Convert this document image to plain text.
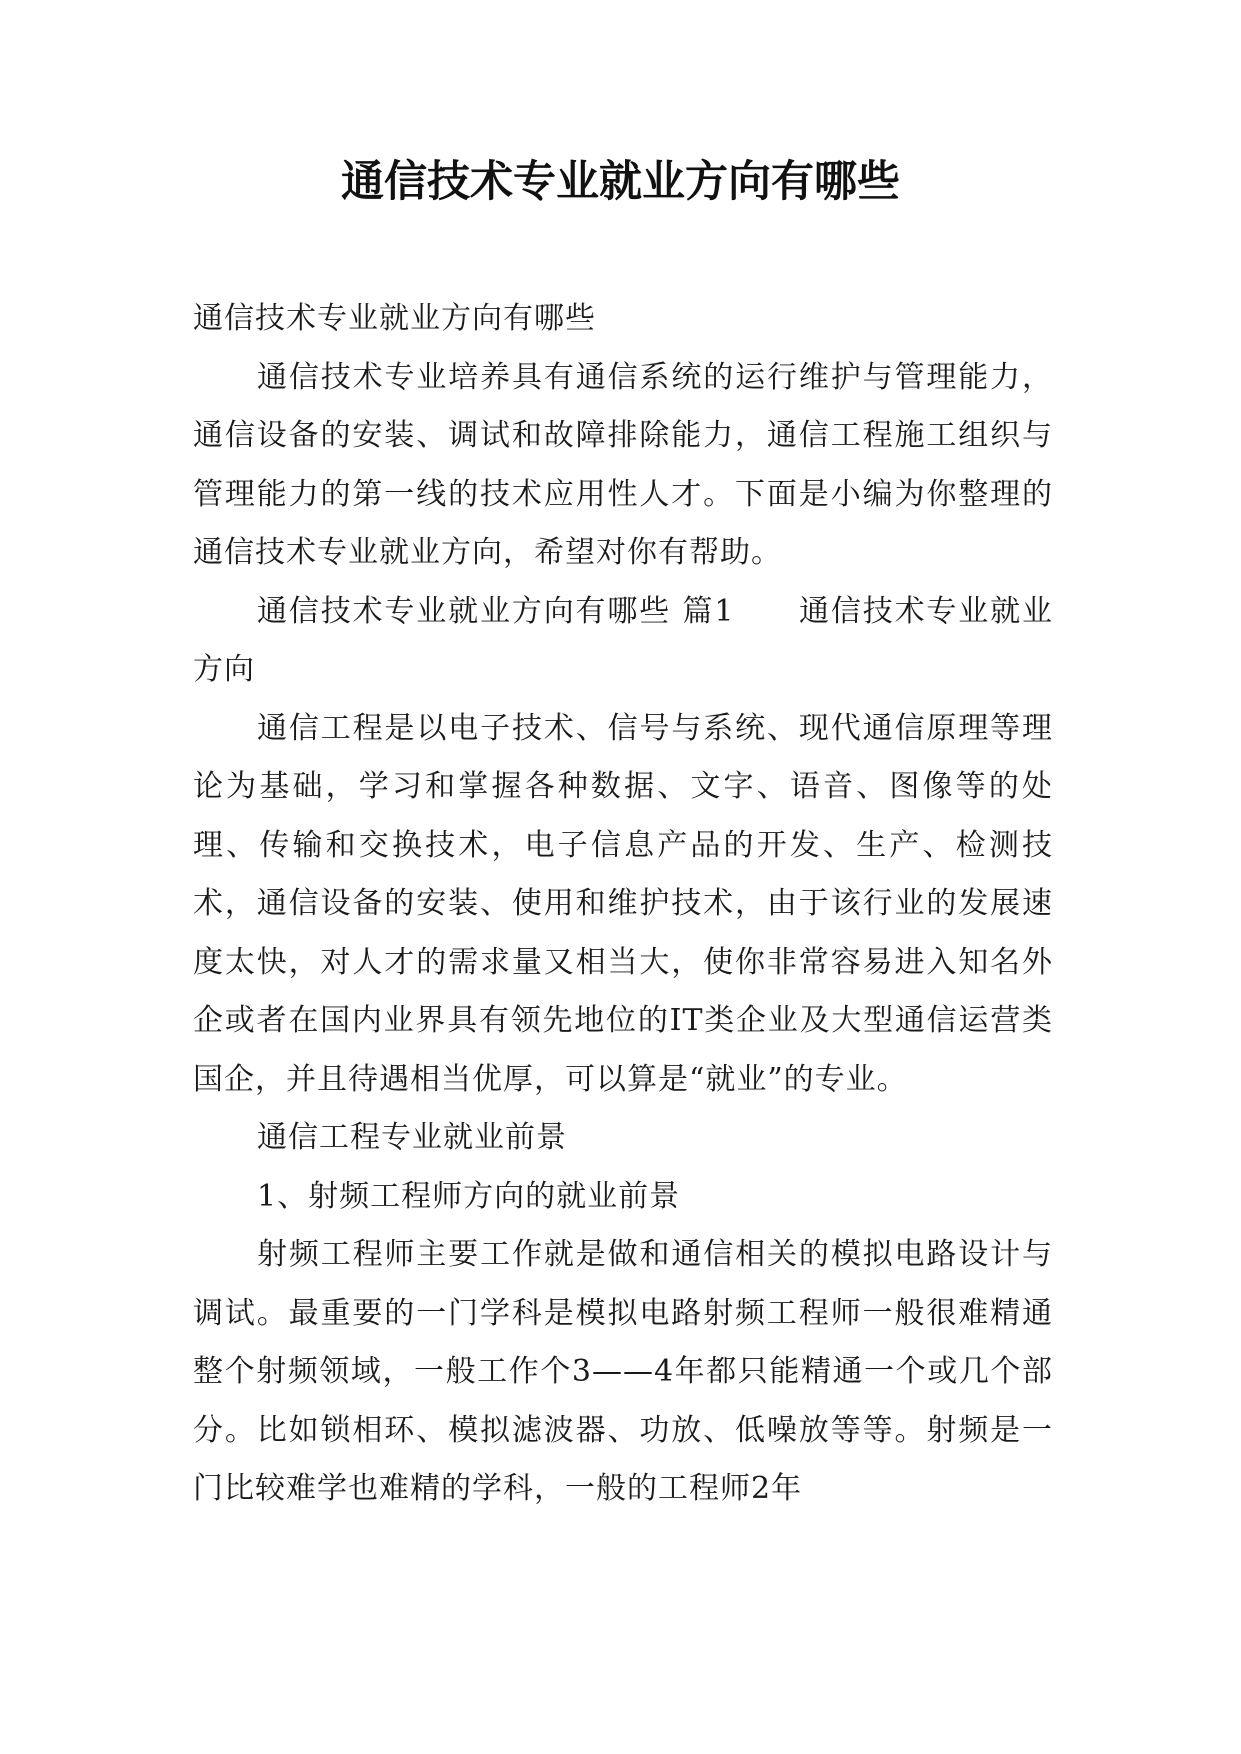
通信技术专业就业方向有哪些

通信技术专业就业方向有哪些

通信技术专业培养具有通信系统的运行维护与管理能力，通信设备的安装、调试和故障排除能力，通信工程施工组织与管理能力的第一线的技术应用性人才。下面是小编为你整理的通信技术专业就业方向，希望对你有帮助。

通信技术专业就业方向有哪些 篇1　　通信技术专业就业方向

通信工程是以电子技术、信号与系统、现代通信原理等理论为基础，学习和掌握各种数据、文字、语音、图像等的处理、传输和交换技术，电子信息产品的开发、生产、检测技术，通信设备的安装、使用和维护技术，由于该行业的发展速度太快，对人才的需求量又相当大，使你非常容易进入知名外企或者在国内业界具有领先地位的IT类企业及大型通信运营类国企，并且待遇相当优厚，可以算是“就业”的专业。

通信工程专业就业前景

1、射频工程师方向的就业前景

射频工程师主要工作就是做和通信相关的模拟电路设计与调试。最重要的一门学科是模拟电路射频工程师一般很难精通整个射频领域，一般工作个3——4年都只能精通一个或几个部分。比如锁相环、模拟滤波器、功放、低噪放等等。射频是一门比较难学也难精的学科，一般的工程师2年
